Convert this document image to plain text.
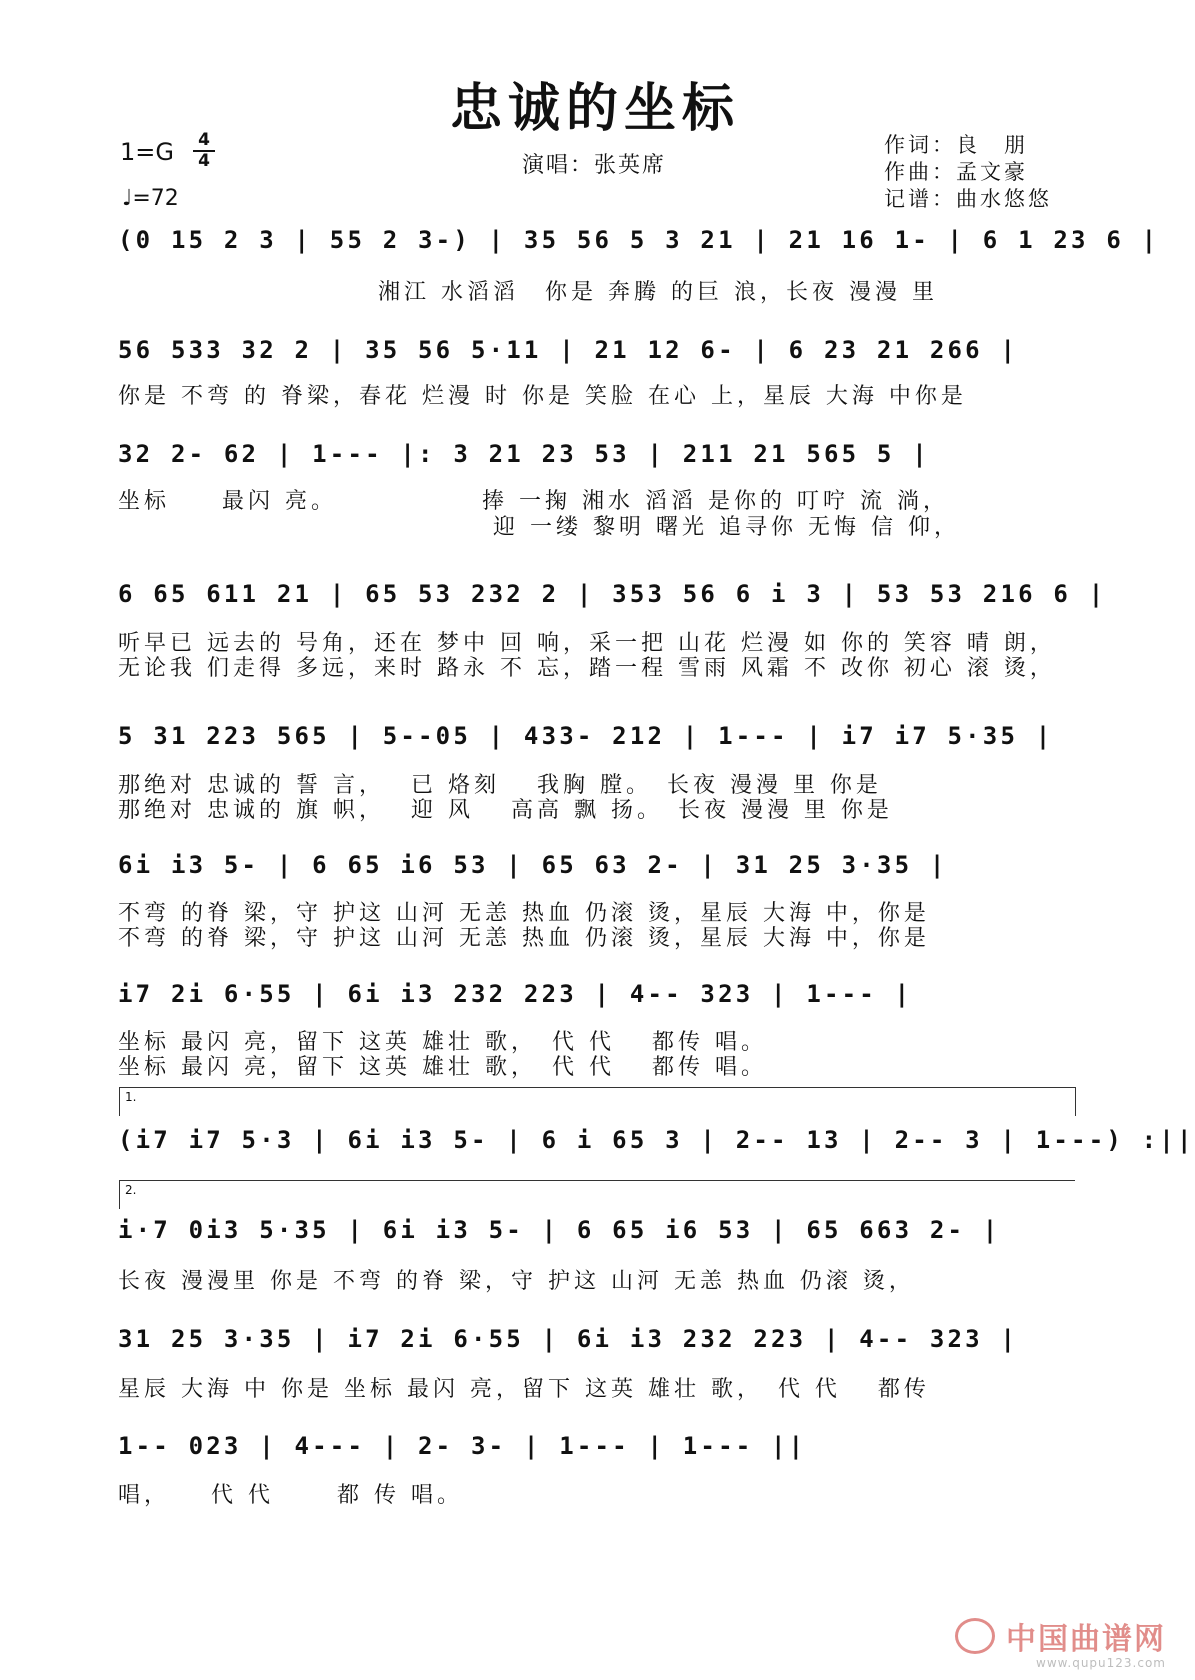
忠诚的坐标
1=G 4
4
♩=72
演唱：张英席
作词：良　朋
作曲：孟文豪
记谱：曲水悠悠
(0 15 2 3 | 55 2 3-) | 35 56 5 3 21 | 21 16 1- | 6 1 23 6 |
　　　　　　　　　　湘江 水滔滔　你是 奔腾 的巨 浪，长夜 漫漫 里
56 533 32 2 | 35 56 5·11 | 21 12 6- | 6 23 21 266 |
你是 不弯 的 脊梁，春花 烂漫 时 你是 笑脸 在心 上，星辰 大海 中你是
32 2- 62 | 1--- |: 3 21 23 53 | 211 21 565 5 |
坐标　　最闪 亮。　　　　　　捧 一掬 湘水 滔滔 是你的 叮咛 流 淌，
　　　　　　　　　　　　　　 迎 一缕 黎明 曙光 追寻你 无悔 信 仰，
6 65 611 21 | 65 53 232 2 | 353 56 6 i 3 | 53 53 216 6 |
听早已 远去的 号角，还在 梦中 回 响，采一把 山花 烂漫 如 你的 笑容 晴 朗，
无论我 们走得 多远，来时 路永 不 忘，踏一程 雪雨 风霜 不 改你 初心 滚 烫，
5 31 223 565 | 5--05 | 433- 212 | 1--- | i7 i7 5·35 |
那绝对 忠诚的 誓 言，　 已 烙刻　 我胸 膛。　长夜 漫漫 里 你是
那绝对 忠诚的 旗 帜，　 迎 风　 高高 飘 扬。　长夜 漫漫 里 你是
6i i3 5- | 6 65 i6 53 | 65 63 2- | 31 25 3·35 |
不弯 的脊 梁，守 护这 山河 无恙 热血 仍滚 烫，星辰 大海 中，你是
不弯 的脊 梁，守 护这 山河 无恙 热血 仍滚 烫，星辰 大海 中，你是
i7 2i 6·55 | 6i i3 232 223 | 4-- 323 | 1--- |
坐标 最闪 亮，留下 这英 雄壮 歌，　代 代　 都传 唱。
坐标 最闪 亮，留下 这英 雄壮 歌，　代 代　 都传 唱。
1.
(i7 i7 5·3 | 6i i3 5- | 6 i 65 3 | 2-- 13 | 2-- 3 | 1---) :||
2.
i·7 0i3 5·35 | 6i i3 5- | 6 65 i6 53 | 65 663 2- |
长夜 漫漫里 你是 不弯 的脊 梁，守 护这 山河 无恙 热血 仍滚 烫，
31 25 3·35 | i7 2i 6·55 | 6i i3 232 223 | 4-- 323 |
星辰 大海 中 你是 坐标 最闪 亮，留下 这英 雄壮 歌，　代 代　 都传
1-- 023 | 4--- | 2- 3- | 1--- | 1--- ||
唱，　　代 代　　 都 传 唱。
中国曲谱网
www.qupu123.com
